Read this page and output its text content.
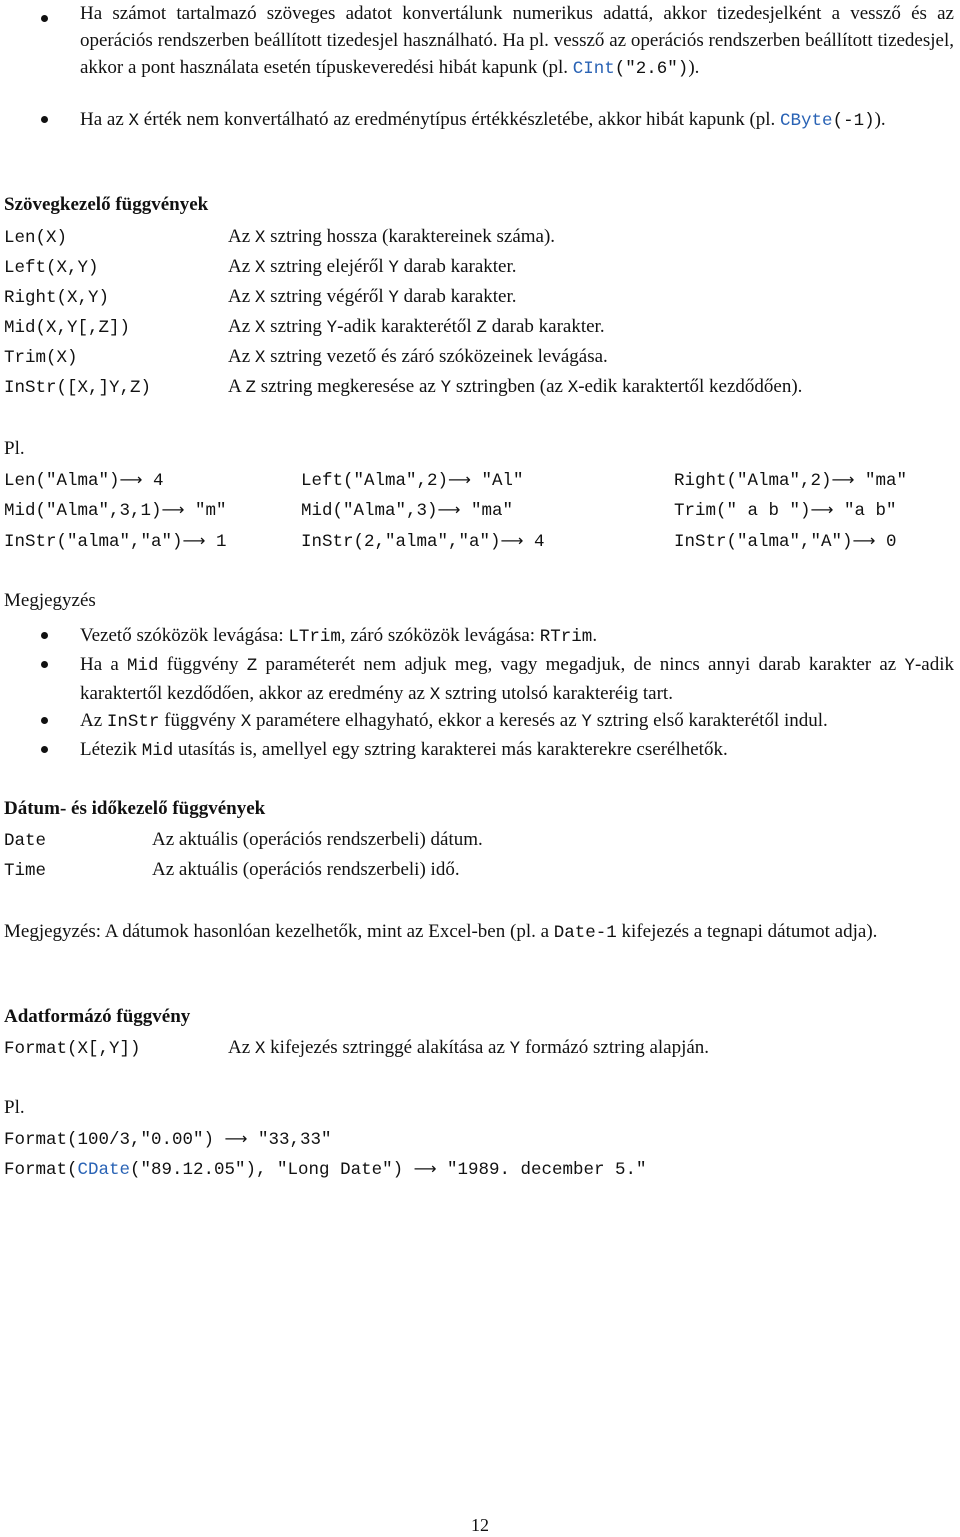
Ha számot tartalmazó szöveges adatot konvertálunk numerikus adattá, akkor tizedesjelként a vessző és az operációs rendszerben beállított tizedesjel használható. Ha pl. vessző az operációs rendszerben beállított tizedesjel, akkor a pont használata esetén típuskeveredési hibát kapunk (pl. CInt("2.6")).
Ha az X érték nem konvertálható az eredménytípus értékkészletébe, akkor hibát kapunk (pl. CByte(-1)).
Szövegkezelő függvények
Len(X)	Az X sztring hossza (karaktereinek száma).
Left(X,Y)	Az X sztring elejéről Y darab karakter.
Right(X,Y)	Az X sztring végéről Y darab karakter.
Mid(X,Y[,Z])	Az X sztring Y-adik karakterétől Z darab karakter.
Trim(X)	Az X sztring vezető és záró szóközeinek levágása.
InStr([X,]Y,Z)	A Z sztring megkeresése az Y sztringben (az X-edik karaktertől kezdődően).
Pl.
Len("Alma")⟶ 4	Left("Alma",2)⟶ "Al"	Right("Alma",2)⟶ "ma"
Mid("Alma",3,1)⟶ "m"	Mid("Alma",3)⟶ "ma"	Trim(" a b ")⟶ "a b"
InStr("alma","a")⟶ 1	InStr(2,"alma","a")⟶ 4	InStr("alma","A")⟶ 0
Megjegyzés
Vezető szóközök levágása: LTrim, záró szóközök levágása: RTrim.
Ha a Mid függvény Z paraméterét nem adjuk meg, vagy megadjuk, de nincs annyi darab karakter az Y-adik karaktertől kezdődően, akkor az eredmény az X sztring utolsó karakteréig tart.
Az InStr függvény X paramétere elhagyható, ekkor a keresés az Y sztring első karakterétől indul.
Létezik Mid utasítás is, amellyel egy sztring karakterei más karakterekre cserélhetők.
Dátum- és időkezelő függvények
Date	Az aktuális (operációs rendszerbeli) dátum.
Time	Az aktuális (operációs rendszerbeli) idő.
Megjegyzés: A dátumok hasonlóan kezelhetők, mint az Excel-ben (pl. a Date-1 kifejezés a tegnapi dátumot adja).
Adatformázó függvény
Format(X[,Y])	Az X kifejezés sztringgé alakítása az Y formázó sztring alapján.
Pl.
Format(100/3,"0.00") ⟶ "33,33"
Format(CDate("89.12.05"), "Long Date") ⟶ "1989. december 5."
12
